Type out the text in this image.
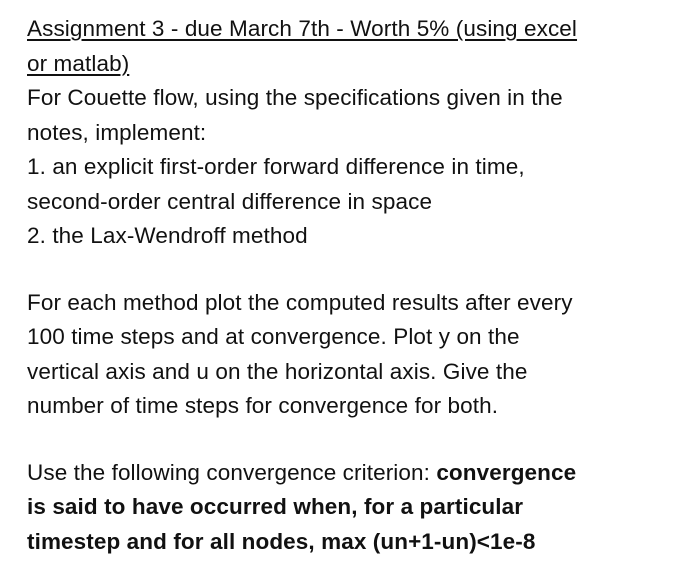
Assignment 3 - due March 7th - Worth 5% (using excel
or matlab)
For Couette flow, using the specifications given in the
notes, implement:
1. an explicit first-order forward difference in time,
second-order central difference in space
2. the Lax-Wendroff method
For each method plot the computed results after every
100 time steps and at convergence. Plot y on the
vertical axis and u on the horizontal axis. Give the
number of time steps for convergence for both.
Use the following convergence criterion: convergence
is said to have occurred when, for a particular
timestep and for all nodes, max (un+1-un)<1e-8
